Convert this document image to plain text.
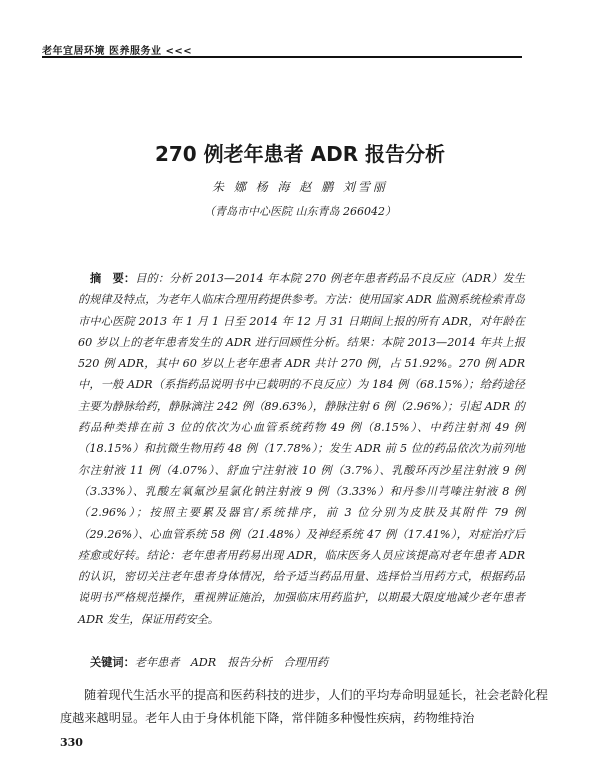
老年宜居环境 医养服务业 <<<
270 例老年患者 ADR 报告分析
朱 娜 杨 海 赵 鹏 刘雪丽
（青岛市中心医院 山东青岛 266042）

摘　要：目的：分析 2013—2014 年本院 270 例老年患者药品不良反应（ADR）发生的规律及特点，为老年人临床合理用药提供参考。方法：使用国家 ADR 监测系统检索青岛市中心医院 2013 年 1 月 1 日至 2014 年 12 月 31 日期间上报的所有 ADR，对年龄在 60 岁以上的老年患者发生的 ADR 进行回顾性分析。结果：本院 2013—2014 年共上报 520 例 ADR，其中 60 岁以上老年患者 ADR 共计 270 例，占 51.92%。270 例 ADR 中，一般 ADR（系指药品说明书中已载明的不良反应）为 184 例（68.15%）；给药途径主要为静脉给药，静脉滴注 242 例（89.63%），静脉注射 6 例（2.96%）；引起 ADR 的药品种类排在前 3 位的依次为心血管系统药物 49 例（8.15%）、中药注射剂 49 例（18.15%）和抗微生物用药 48 例（17.78%）；发生 ADR 前 5 位的药品依次为前列地尔注射液 11 例（4.07%）、舒血宁注射液 10 例（3.7%）、乳酸环丙沙星注射液 9 例（3.33%）、乳酸左氧氟沙星氯化钠注射液 9 例（3.33%）和丹参川芎嗪注射液 8 例（2.96%）；按照主要累及器官/系统排序，前 3 位分别为皮肤及其附件 79 例（29.26%）、心血管系统 58 例（21.48%）及神经系统 47 例（17.41%），对症治疗后痊愈或好转。结论：老年患者用药易出现 ADR，临床医务人员应该提高对老年患者 ADR 的认识，密切关注老年患者身体情况，给予适当药品用量、选择恰当用药方式，根据药品说明书严格规范操作，重视辨证施治，加强临床用药监护，以期最大限度地减少老年患者 ADR 发生，保证用药安全。

关键词：老年患者　ADR　报告分析　合理用药

随着现代生活水平的提高和医药科技的进步，人们的平均寿命明显延长，社会老龄化程度越来越明显。老年人由于身体机能下降，常伴随多种慢性疾病，药物维持治

330
